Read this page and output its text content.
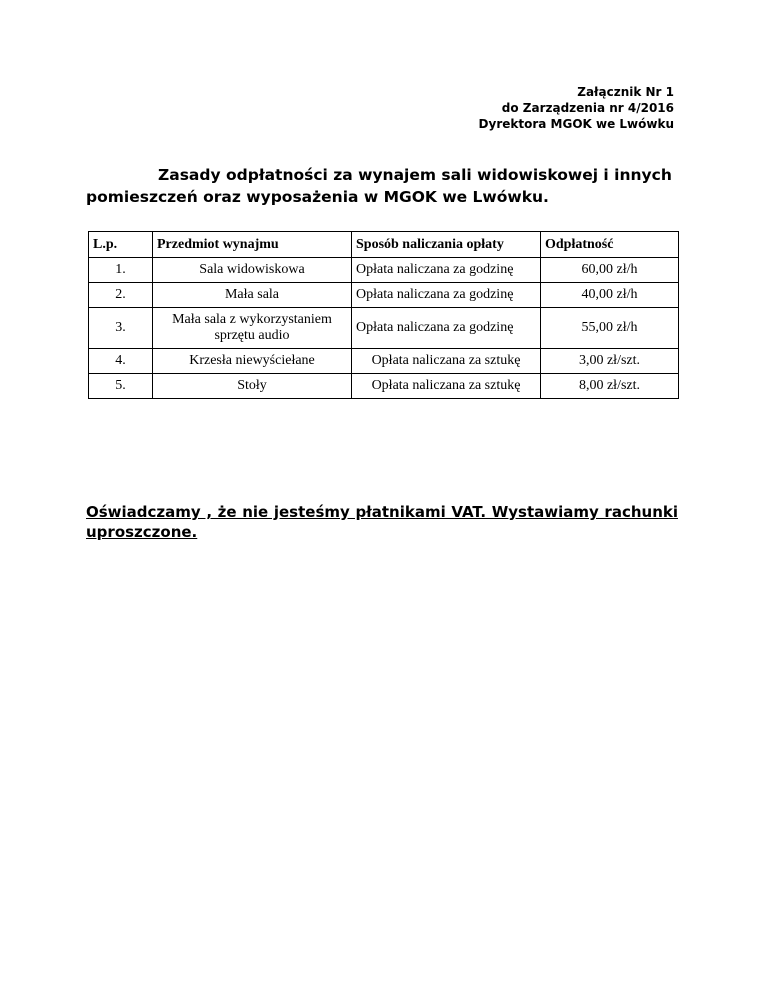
Załącznik Nr 1
do Zarządzenia nr 4/2016
Dyrektora MGOK we Lwówku
Zasady odpłatności za wynajem sali widowiskowej i innych
pomieszczeń oraz wyposażenia w MGOK we Lwówku.
L.p.	Przedmiot wynajmu	Sposób naliczania opłaty	Odpłatność
1.	Sala widowiskowa	Opłata naliczana za godzinę	60,00 zł/h
2.	Mała sala	Opłata naliczana za godzinę	40,00 zł/h
3.	Mała sala z wykorzystaniem sprzętu audio	Opłata naliczana za godzinę	55,00 zł/h
4.	Krzesła niewyściełane	Opłata naliczana za sztukę	3,00 zł/szt.
5.	Stoły	Opłata naliczana za sztukę	8,00 zł/szt.
Oświadczamy , że nie jesteśmy płatnikami VAT. Wystawiamy rachunki uproszczone.
